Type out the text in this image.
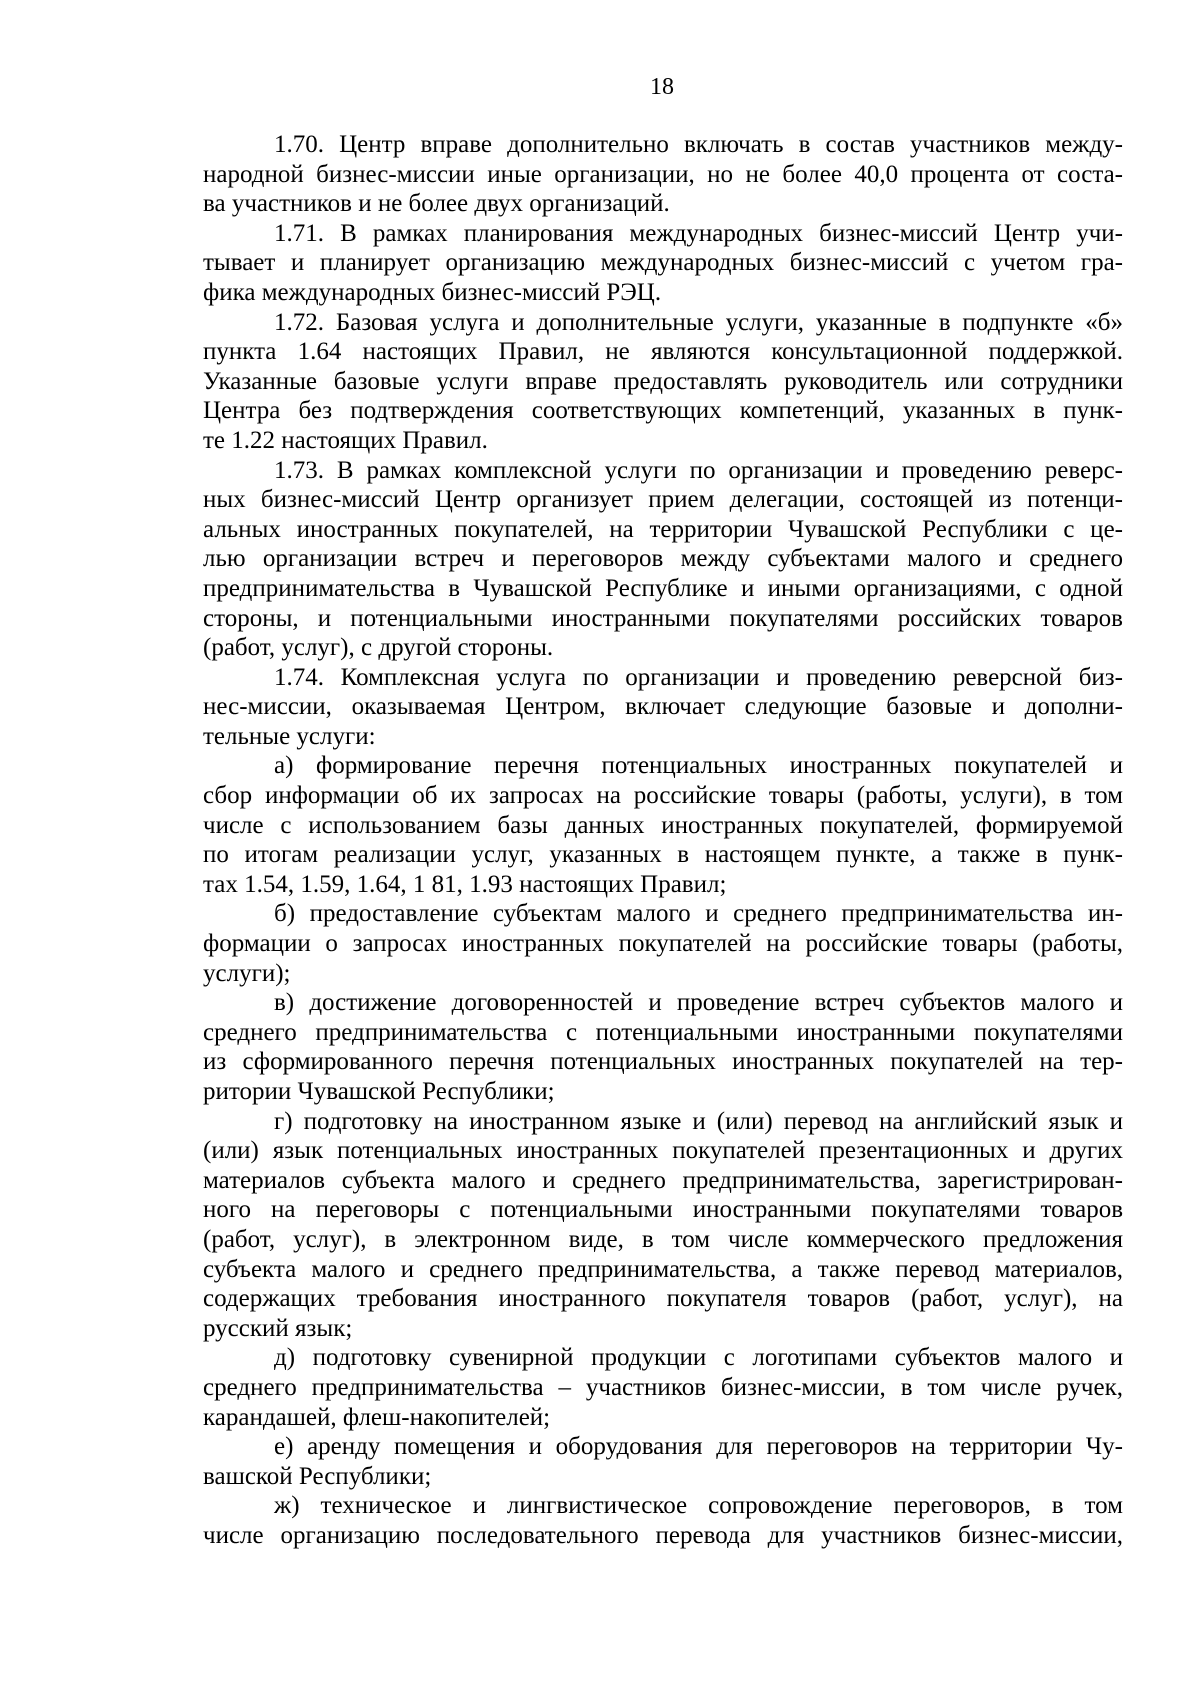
18
1.70. Центр вправе дополнительно включать в состав участников между-
народной бизнес-миссии иные организации, но не более 40,0 процента от соста-
ва участников и не более двух организаций.
1.71. В рамках планирования международных бизнес-миссий Центр учи-
тывает и планирует организацию международных бизнес-миссий с учетом гра-
фика международных бизнес-миссий РЭЦ.
1.72. Базовая услуга и дополнительные услуги, указанные в подпункте «б»
пункта 1.64 настоящих Правил, не являются консультационной поддержкой.
Указанные базовые услуги вправе предоставлять руководитель или сотрудники
Центра без подтверждения соответствующих компетенций, указанных в пунк-
те 1.22 настоящих Правил.
1.73. В рамках комплексной услуги по организации и проведению реверс-
ных бизнес-миссий Центр организует прием делегации, состоящей из потенци-
альных иностранных покупателей, на территории Чувашской Республики с це-
лью организации встреч и переговоров между субъектами малого и среднего
предпринимательства в Чувашской Республике и иными организациями, с одной
стороны, и потенциальными иностранными покупателями российских товаров
(работ, услуг), с другой стороны.
1.74. Комплексная услуга по организации и проведению реверсной биз-
нес-миссии, оказываемая Центром, включает следующие базовые и дополни-
тельные услуги:
а) формирование перечня потенциальных иностранных покупателей и
сбор информации об их запросах на российские товары (работы, услуги), в том
числе с использованием базы данных иностранных покупателей, формируемой
по итогам реализации услуг, указанных в настоящем пункте, а также в пунк-
тах 1.54, 1.59, 1.64, 1 81, 1.93 настоящих Правил;
б) предоставление субъектам малого и среднего предпринимательства ин-
формации о запросах иностранных покупателей на российские товары (работы,
услуги);
в) достижение договоренностей и проведение встреч субъектов малого и
среднего предпринимательства с потенциальными иностранными покупателями
из сформированного перечня потенциальных иностранных покупателей на тер-
ритории Чувашской Республики;
г) подготовку на иностранном языке и (или) перевод на английский язык и
(или) язык потенциальных иностранных покупателей презентационных и других
материалов субъекта малого и среднего предпринимательства, зарегистрирован-
ного на переговоры с потенциальными иностранными покупателями товаров
(работ, услуг), в электронном виде, в том числе коммерческого предложения
субъекта малого и среднего предпринимательства, а также перевод материалов,
содержащих требования иностранного покупателя товаров (работ, услуг), на
русский язык;
д) подготовку сувенирной продукции с логотипами субъектов малого и
среднего предпринимательства – участников бизнес-миссии, в том числе ручек,
карандашей, флеш-накопителей;
е) аренду помещения и оборудования для переговоров на территории Чу-
вашской Республики;
ж) техническое и лингвистическое сопровождение переговоров, в том
числе организацию последовательного перевода для участников бизнес-миссии,
